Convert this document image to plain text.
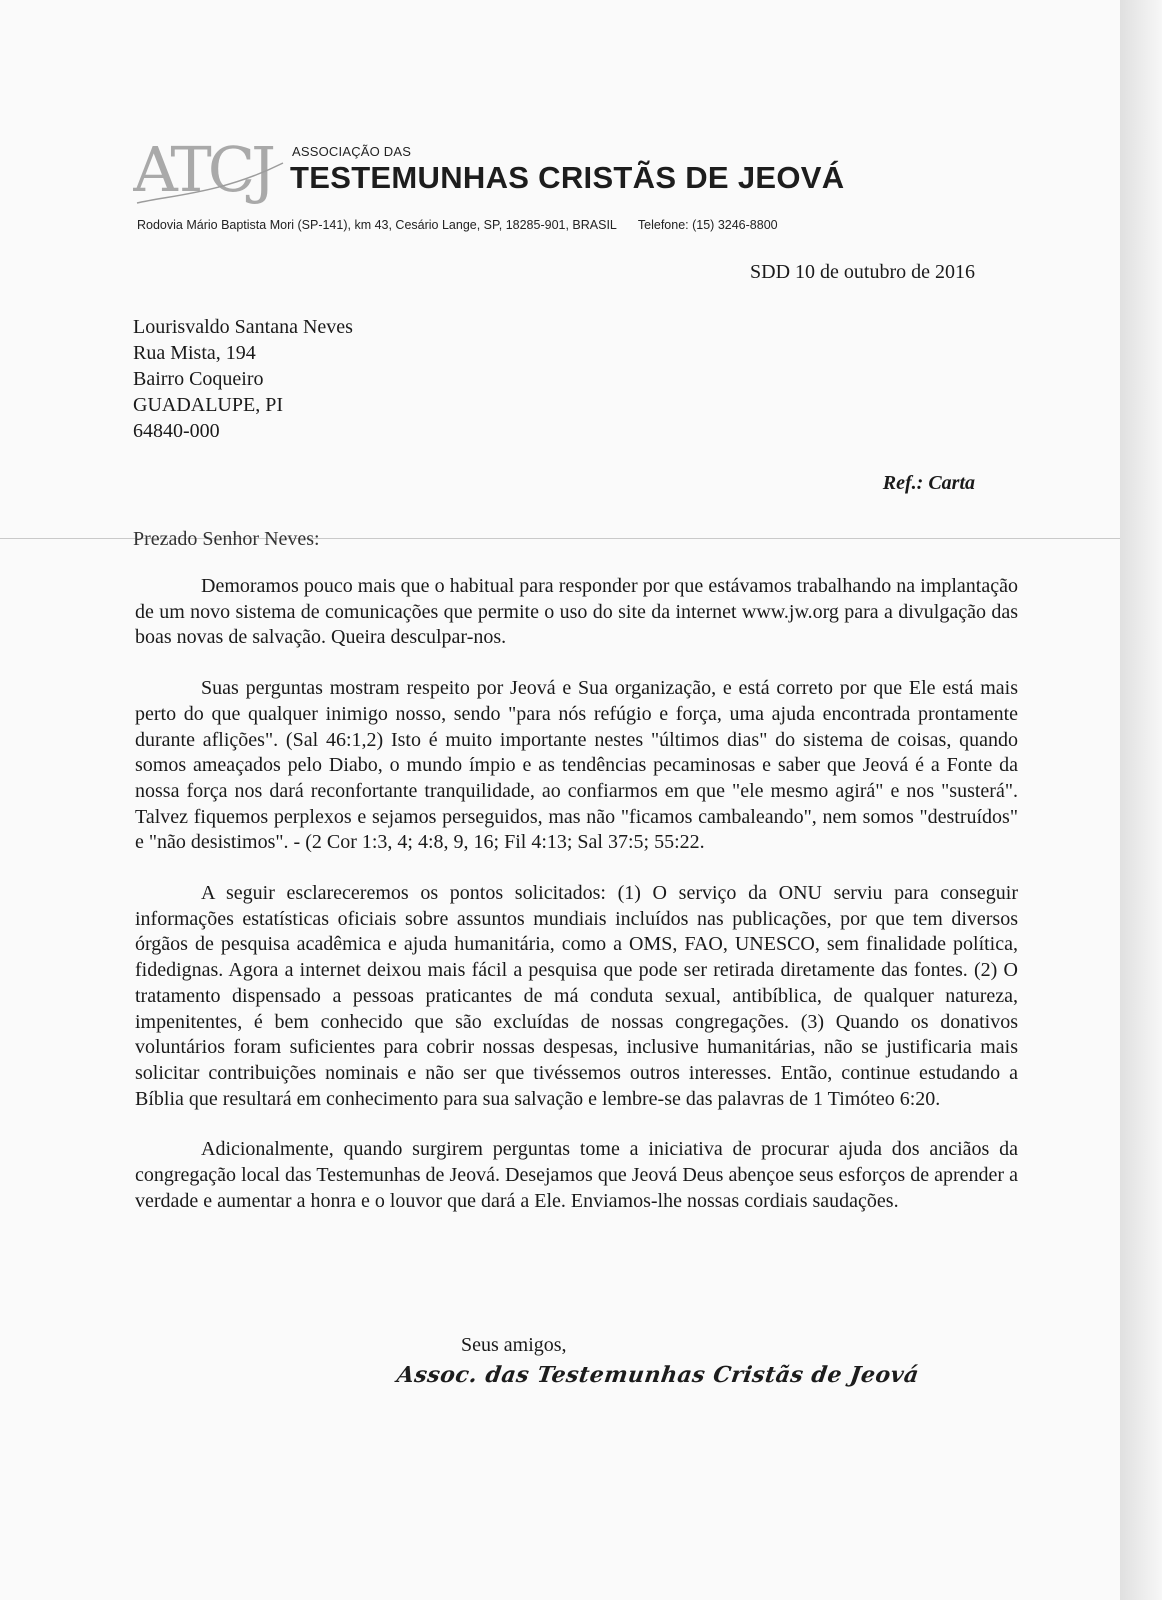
ATCJ ASSOCIAÇÃO DAS
TESTEMUNHAS CRISTÃS DE JEOVÁ
Rodovia Mário Baptista Mori (SP-141), km 43, Cesário Lange, SP, 18285-901, BRASIL Telefone: (15) 3246-8800
SDD 10 de outubro de 2016
Lourisvaldo Santana Neves
Rua Mista, 194
Bairro Coqueiro
GUADALUPE, PI
64840-000
Ref.: Carta
Prezado Senhor Neves:

Demoramos pouco mais que o habitual para responder por que estávamos trabalhando na implantação de um novo sistema de comunicações que permite o uso do site da internet www.jw.org para a divulgação das boas novas de salvação. Queira desculpar-nos.

Suas perguntas mostram respeito por Jeová e Sua organização, e está correto por que Ele está mais perto do que qualquer inimigo nosso, sendo "para nós refúgio e força, uma ajuda encontrada prontamente durante aflições". (Sal 46:1,2) Isto é muito importante nestes "últimos dias" do sistema de coisas, quando somos ameaçados pelo Diabo, o mundo ímpio e as tendências pecaminosas e saber que Jeová é a Fonte da nossa força nos dará reconfortante tranquilidade, ao confiarmos em que "ele mesmo agirá" e nos "susterá". Talvez fiquemos perplexos e sejamos perseguidos, mas não "ficamos cambaleando", nem somos "destruídos" e "não desistimos". - (2 Cor 1:3, 4; 4:8, 9, 16; Fil 4:13; Sal 37:5; 55:22.

A seguir esclareceremos os pontos solicitados: (1) O serviço da ONU serviu para conseguir informações estatísticas oficiais sobre assuntos mundiais incluídos nas publicações, por que tem diversos órgãos de pesquisa acadêmica e ajuda humanitária, como a OMS, FAO, UNESCO, sem finalidade política, fidedignas. Agora a internet deixou mais fácil a pesquisa que pode ser retirada diretamente das fontes. (2) O tratamento dispensado a pessoas praticantes de má conduta sexual, antibíblica, de qualquer natureza, impenitentes, é bem conhecido que são excluídas de nossas congregações. (3) Quando os donativos voluntários foram suficientes para cobrir nossas despesas, inclusive humanitárias, não se justificaria mais solicitar contribuições nominais e não ser que tivéssemos outros interesses. Então, continue estudando a Bíblia que resultará em conhecimento para sua salvação e lembre-se das palavras de 1 Timóteo 6:20.

Adicionalmente, quando surgirem perguntas tome a iniciativa de procurar ajuda dos anciãos da congregação local das Testemunhas de Jeová. Desejamos que Jeová Deus abençoe seus esforços de aprender a verdade e aumentar a honra e o louvor que dará a Ele. Enviamos-lhe nossas cordiais saudações.

Seus amigos,
Assoc. das Testemunhas Cristãs de Jeová
